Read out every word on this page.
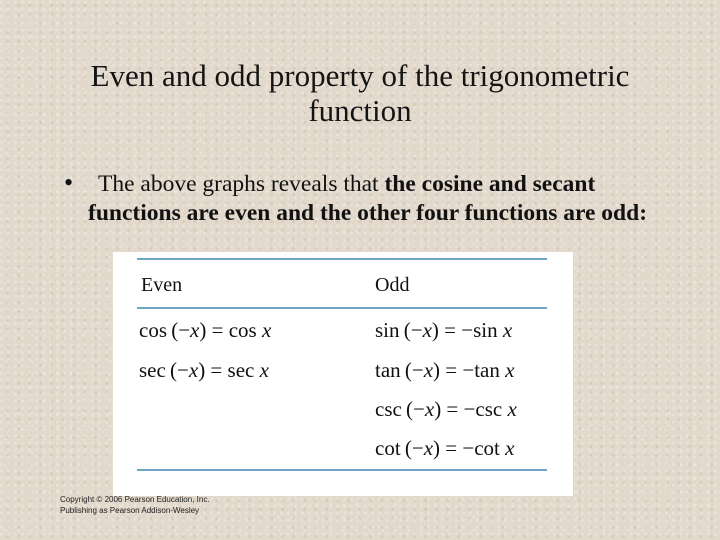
Even and odd property of the trigonometric function
•	The above graphs reveals that the cosine and secant functions are even and the other four functions are odd:
Even	Odd
cos (−x) = cos x
sec (−x) = sec x
sin (−x) = −sin x
tan (−x) = −tan x
csc (−x) = −csc x
cot (−x) = −cot x
Copyright © 2006 Pearson Education, Inc. Publishing as Pearson Addison-Wesley
